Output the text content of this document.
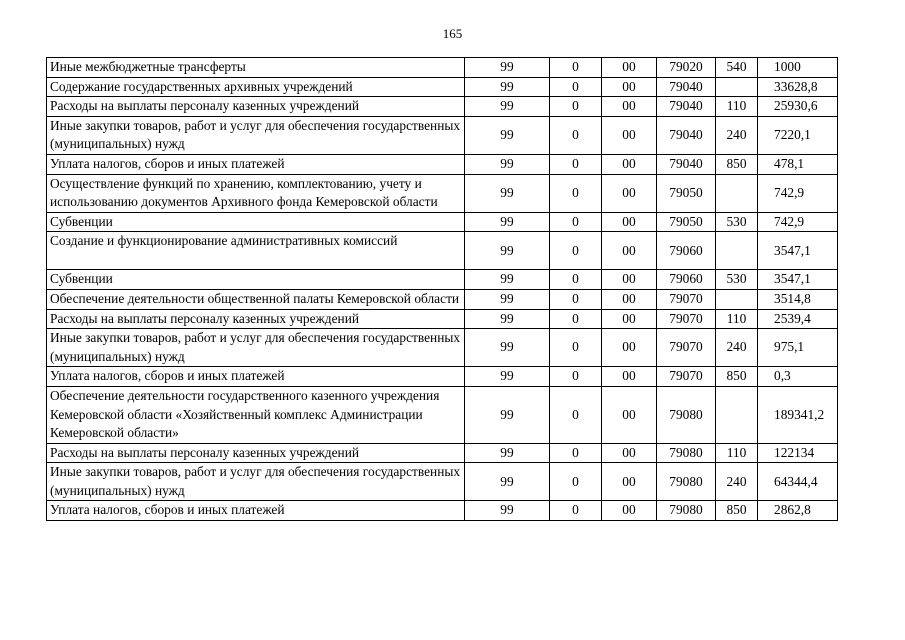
165
Иные межбюджетные трансферты	99	0	00	79020	540	1000
Содержание государственных архивных учреждений	99	0	00	79040		33628,8
Расходы на выплаты персоналу казенных учреждений	99	0	00	79040	110	25930,6
Иные закупки товаров, работ и услуг для обеспечения государственных (муниципальных) нужд	99	0	00	79040	240	7220,1
Уплата налогов, сборов и иных платежей	99	0	00	79040	850	478,1
Осуществление функций по хранению, комплектованию, учету и использованию документов Архивного фонда Кемеровской области	99	0	00	79050		742,9
Субвенции	99	0	00	79050	530	742,9
Создание и функционирование административных комиссий	99	0	00	79060		3547,1
Субвенции	99	0	00	79060	530	3547,1
Обеспечение деятельности общественной палаты Кемеровской области	99	0	00	79070		3514,8
Расходы на выплаты персоналу казенных учреждений	99	0	00	79070	110	2539,4
Иные закупки товаров, работ и услуг для обеспечения государственных (муниципальных) нужд	99	0	00	79070	240	975,1
Уплата налогов, сборов и иных платежей	99	0	00	79070	850	0,3
Обеспечение деятельности государственного казенного учреждения Кемеровской области «Хозяйственный комплекс Администрации Кемеровской области»	99	0	00	79080		189341,2
Расходы на выплаты персоналу казенных учреждений	99	0	00	79080	110	122134
Иные закупки товаров, работ и услуг для обеспечения государственных (муниципальных) нужд	99	0	00	79080	240	64344,4
Уплата налогов, сборов и иных платежей	99	0	00	79080	850	2862,8
